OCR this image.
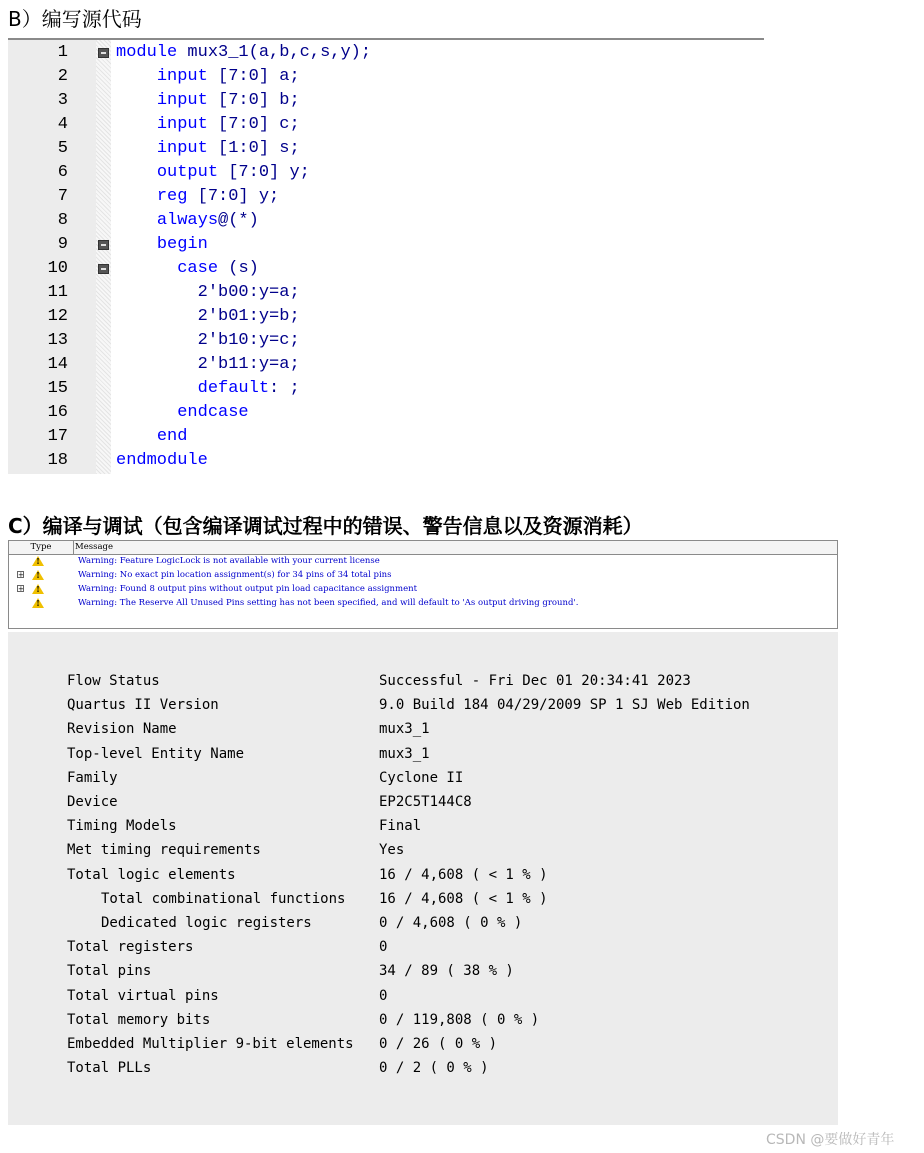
B）编写源代码
1	module mux3_1(a,b,c,s,y);
2	input [7:0] a;
3	input [7:0] b;
4	input [7:0] c;
5	input [1:0] s;
6	output [7:0] y;
7	reg [7:0] y;
8	always@(*)
9	begin
10	case (s)
11	2'b00:y=a;
12	2'b01:y=b;
13	2'b10:y=c;
14	2'b11:y=a;
15	default: ;
16	endcase
17	end
18	endmodule
C）编译与调试（包含编译调试过程中的错误、警告信息以及资源消耗）
Type	Message
!	Warning: Feature LogicLock is not available with your current license
+ !	Warning: No exact pin location assignment(s) for 34 pins of 34 total pins
+ !	Warning: Found 8 output pins without output pin load capacitance assignment
!	Warning: The Reserve All Unused Pins setting has not been specified, and will default to 'As output driving ground'.
Flow Status	Successful - Fri Dec 01 20:34:41 2023
Quartus II Version	9.0 Build 184 04/29/2009 SP 1 SJ Web Edition
Revision Name	mux3_1
Top-level Entity Name	mux3_1
Family	Cyclone II
Device	EP2C5T144C8
Timing Models	Final
Met timing requirements	Yes
Total logic elements	16 / 4,608 ( < 1 % )
Total combinational functions 16 / 4,608 ( < 1 % )
Dedicated logic registers	0 / 4,608 ( 0 % )
Total registers	0
Total pins	34 / 89 ( 38 % )
Total virtual pins	0
Total memory bits	0 / 119,808 ( 0 % )
Embedded Multiplier 9-bit elements 0 / 26 ( 0 % )
Total PLLs	0 / 2 ( 0 % )
CSDN @要做好青年
